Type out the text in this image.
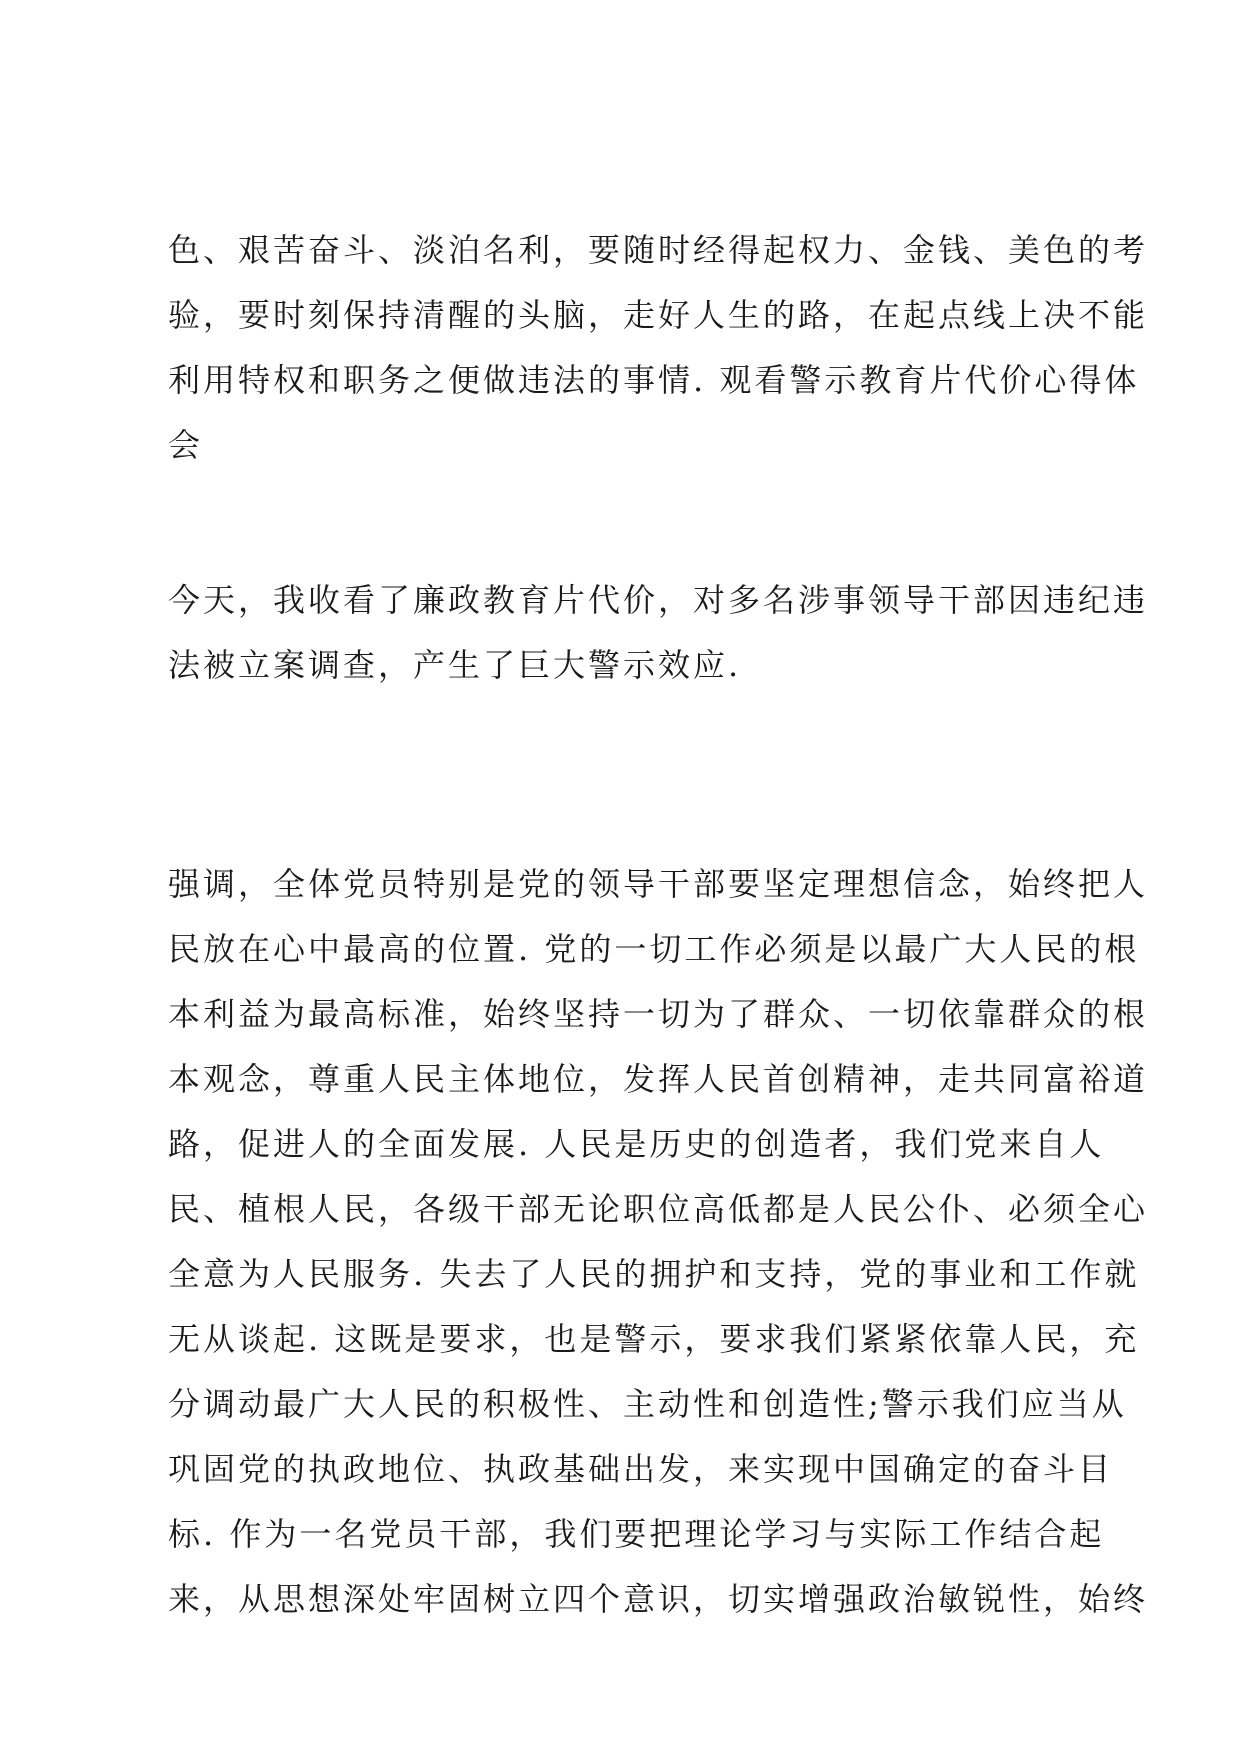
色、艰苦奋斗、淡泊名利，要随时经得起权力、金钱、美色的考
验，要时刻保持清醒的头脑，走好人生的路，在起点线上决不能
利用特权和职务之便做违法的事情. 观看警示教育片代价心得体
会
今天，我收看了廉政教育片代价，对多名涉事领导干部因违纪违
法被立案调查，产生了巨大警示效应.
强调，全体党员特别是党的领导干部要坚定理想信念，始终把人
民放在心中最高的位置. 党的一切工作必须是以最广大人民的根
本利益为最高标准，始终坚持一切为了群众、一切依靠群众的根
本观念，尊重人民主体地位，发挥人民首创精神，走共同富裕道
路，促进人的全面发展. 人民是历史的创造者，我们党来自人
民、植根人民，各级干部无论职位高低都是人民公仆、必须全心
全意为人民服务. 失去了人民的拥护和支持，党的事业和工作就
无从谈起. 这既是要求，也是警示，要求我们紧紧依靠人民，充
分调动最广大人民的积极性、主动性和创造性;警示我们应当从
巩固党的执政地位、执政基础出发，来实现中国确定的奋斗目
标. 作为一名党员干部，我们要把理论学习与实际工作结合起
来，从思想深处牢固树立四个意识，切实增强政治敏锐性，始终
